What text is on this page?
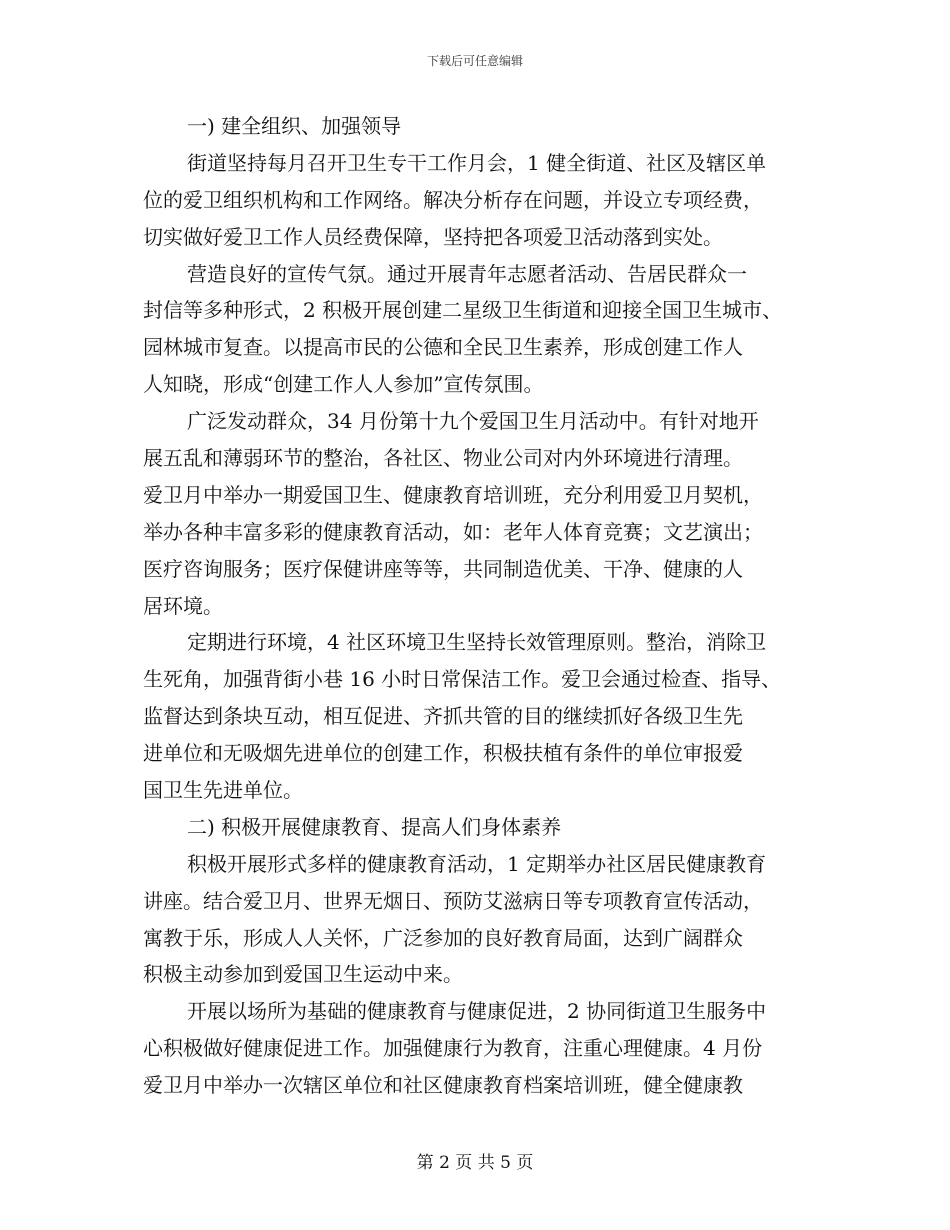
下载后可任意编辑
一) 建全组织、加强领导
街道坚持每月召开卫生专干工作月会，1 健全街道、社区及辖区单
位的爱卫组织机构和工作网络。解决分析存在问题，并设立专项经费，
切实做好爱卫工作人员经费保障，坚持把各项爱卫活动落到实处。
营造良好的宣传气氛。通过开展青年志愿者活动、告居民群众一
封信等多种形式，2 积极开展创建二星级卫生街道和迎接全国卫生城市、
园林城市复查。以提高市民的公德和全民卫生素养，形成创建工作人
人知晓，形成“创建工作人人参加”宣传氛围。
广泛发动群众，34 月份第十九个爱国卫生月活动中。有针对地开
展五乱和薄弱环节的整治，各社区、物业公司对内外环境进行清理。
爱卫月中举办一期爱国卫生、健康教育培训班，充分利用爱卫月契机，
举办各种丰富多彩的健康教育活动，如：老年人体育竞赛；文艺演出；
医疗咨询服务；医疗保健讲座等等，共同制造优美、干净、健康的人
居环境。
定期进行环境，4 社区环境卫生坚持长效管理原则。整治，消除卫
生死角，加强背街小巷 16 小时日常保洁工作。爱卫会通过检查、指导、
监督达到条块互动，相互促进、齐抓共管的目的继续抓好各级卫生先
进单位和无吸烟先进单位的创建工作，积极扶植有条件的单位审报爱
国卫生先进单位。
二) 积极开展健康教育、提高人们身体素养
积极开展形式多样的健康教育活动，1 定期举办社区居民健康教育
讲座。结合爱卫月、世界无烟日、预防艾滋病日等专项教育宣传活动，
寓教于乐，形成人人关怀，广泛参加的良好教育局面，达到广阔群众
积极主动参加到爱国卫生运动中来。
开展以场所为基础的健康教育与健康促进，2 协同街道卫生服务中
心积极做好健康促进工作。加强健康行为教育，注重心理健康。4 月份
爱卫月中举办一次辖区单位和社区健康教育档案培训班，健全健康教
第 2 页 共 5 页
